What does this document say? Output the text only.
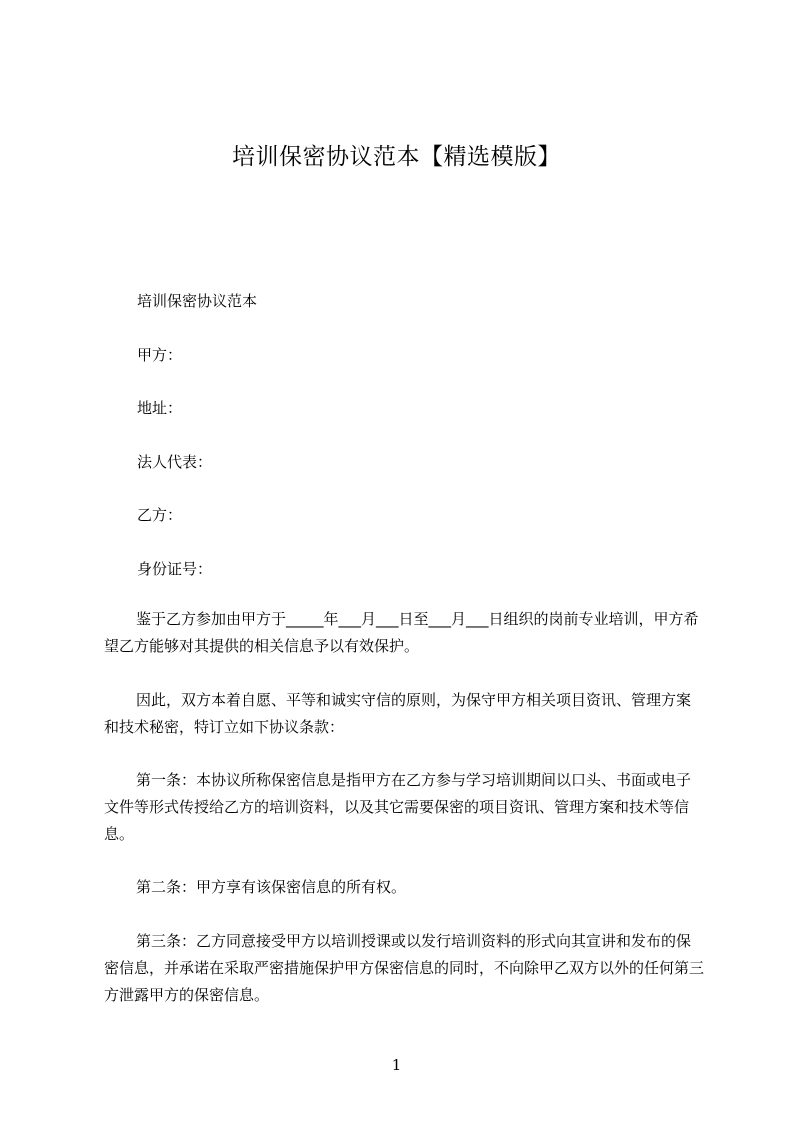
培训保密协议范本【精选模版】
培训保密协议范本
甲方：
地址：
法人代表：
乙方：
身份证号：
鉴于乙方参加由甲方于_____年___月___日至___月___日组织的岗前专业培训，甲方希望乙方能够对其提供的相关信息予以有效保护。
因此，双方本着自愿、平等和诚实守信的原则，为保守甲方相关项目资讯、管理方案和技术秘密，特订立如下协议条款：
第一条：本协议所称保密信息是指甲方在乙方参与学习培训期间以口头、书面或电子文件等形式传授给乙方的培训资料，以及其它需要保密的项目资讯、管理方案和技术等信息。
第二条：甲方享有该保密信息的所有权。
第三条：乙方同意接受甲方以培训授课或以发行培训资料的形式向其宣讲和发布的保密信息，并承诺在采取严密措施保护甲方保密信息的同时，不向除甲乙双方以外的任何第三方泄露甲方的保密信息。
1
